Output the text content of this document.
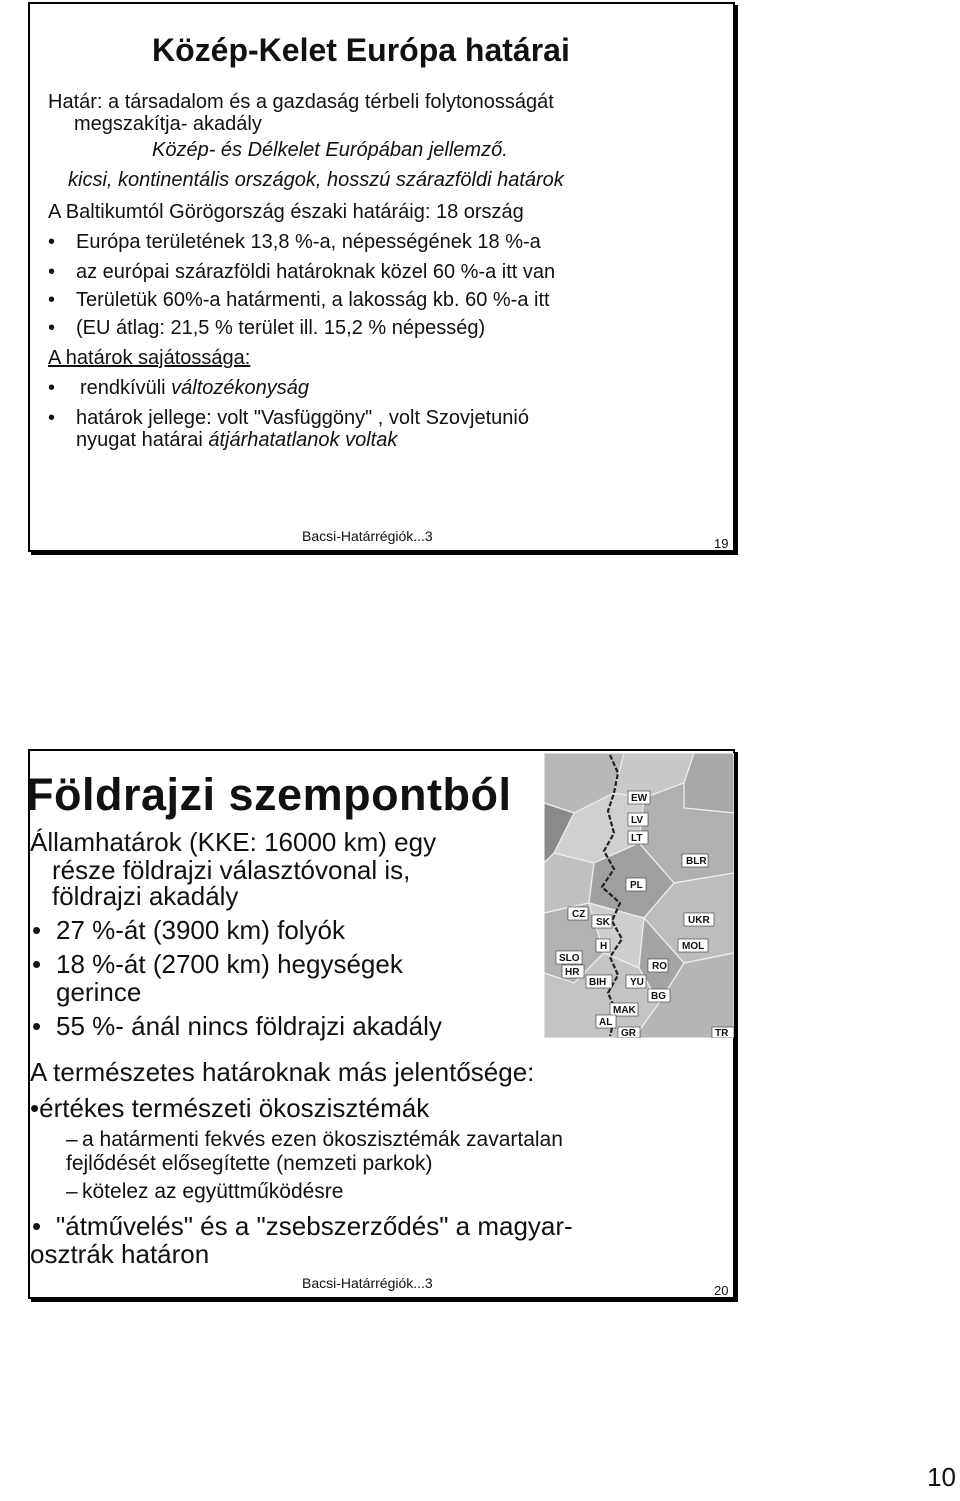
Közép-Kelet Európa határai
Határ: a társadalom és a gazdaság térbeli folytonosságát
megszakítja- akadály
Közép- és Délkelet Európában jellemző.
kicsi, kontinentális országok, hosszú szárazföldi határok
A Baltikumtól Görögország északi határáig: 18 ország
• Európa területének 13,8 %-a, népességének 18 %-a
• az európai szárazföldi határoknak közel 60 %-a itt van
• Területük 60%-a határmenti, a lakosság kb. 60 %-a itt
• (EU átlag: 21,5 % terület ill. 15,2 % népesség)
A határok sajátossága:
• rendkívüli változékonyság
• határok jellege: volt "Vasfüggöny" , volt Szovjetunió
nyugat határai átjárhatatlanok voltak
Bacsi-Határrégiók...3	19
Földrajzi szempontból
Államhatárok (KKE: 16000 km) egy
része földrajzi választóvonal is,
földrajzi akadály
• 27 %-át (3900 km) folyók
• 18 %-át (2700 km) hegységek
gerince
• 55 %- ánál nincs földrajzi akadály
A természetes határoknak más jelentősége:
•értékes természeti ökoszisztémák
– a határmenti fekvés ezen ökoszisztémák zavartalan
fejlődését elősegítette (nemzeti parkok)
– kötelez az együttműködésre
• "átművelés" és a "zsebszerződés" a magyar-
osztrák határon
EW
LV
LT
BLR
PL
CZ
SK	UKR
H	MOL
SLO
HR
RO
BIH YU
BG
MAK
AL
GR	TR
Bacsi-Határrégiók...3	20
10
